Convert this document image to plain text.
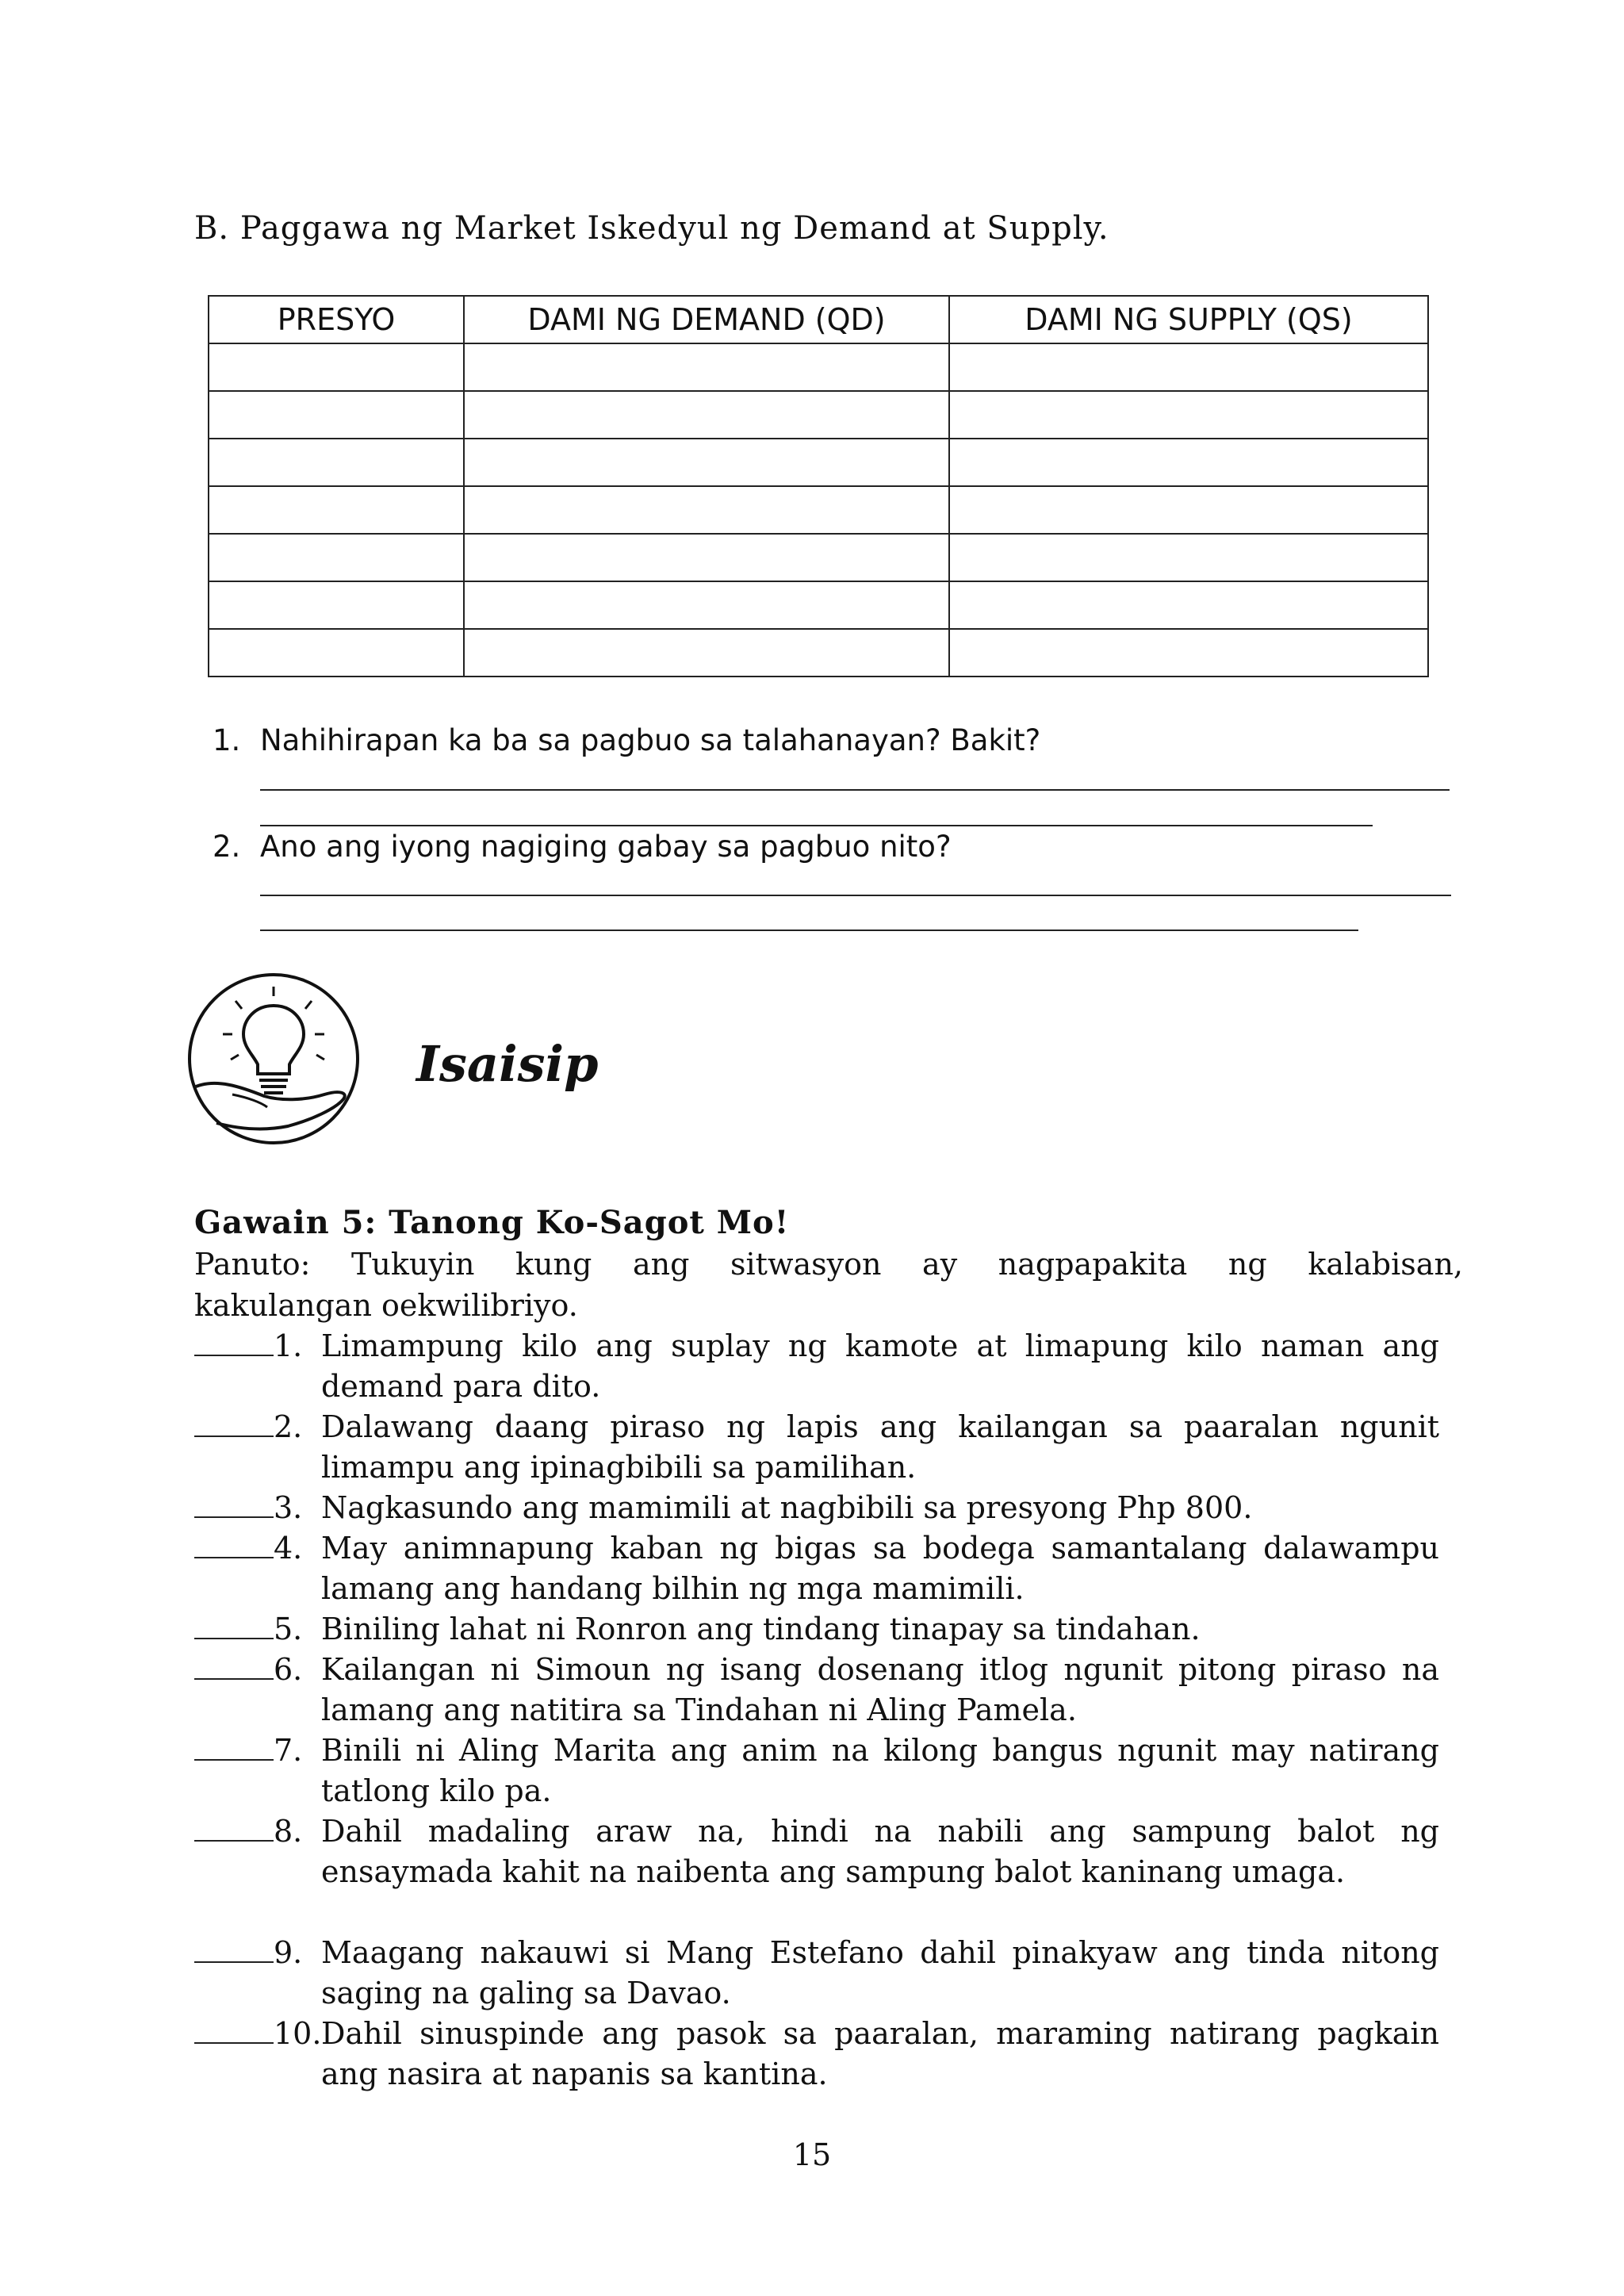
B. Paggawa ng Market Iskedyul ng Demand at Supply.
PRESYO	DAMI NG DEMAND (QD)	DAMI NG SUPPLY (QS)

1. Nahihirapan ka ba sa pagbuo sa talahanayan? Bakit?
2. Ano ang iyong nagiging gabay sa pagbuo nito?
Isaisip
Gawain 5: Tanong Ko-Sagot Mo!
Panuto: Tukuyin kung ang sitwasyon ay nagpapakita ng kalabisan,
kakulangan oekwilibriyo.
1. Limampung kilo ang suplay ng kamote at limapung kilo naman ang demand para dito.
2. Dalawang daang piraso ng lapis ang kailangan sa paaralan ngunit limampu ang ipinagbibili sa pamilihan.
3. Nagkasundo ang mamimili at nagbibili sa presyong Php 800.
4. May animnapung kaban ng bigas sa bodega samantalang dalawampu lamang ang handang bilhin ng mga mamimili.
5. Biniling lahat ni Ronron ang tindang tinapay sa tindahan.
6. Kailangan ni Simoun ng isang dosenang itlog ngunit pitong piraso na lamang ang natitira sa Tindahan ni Aling Pamela.
7. Binili ni Aling Marita ang anim na kilong bangus ngunit may natirang tatlong kilo pa.
8. Dahil madaling araw na, hindi na nabili ang sampung balot ng ensaymada kahit na naibenta ang sampung balot kaninang umaga.
9. Maagang nakauwi si Mang Estefano dahil pinakyaw ang tinda nitong saging na galing sa Davao.
10. Dahil sinuspinde ang pasok sa paaralan, maraming natirang pagkain ang nasira at napanis sa kantina.
15
